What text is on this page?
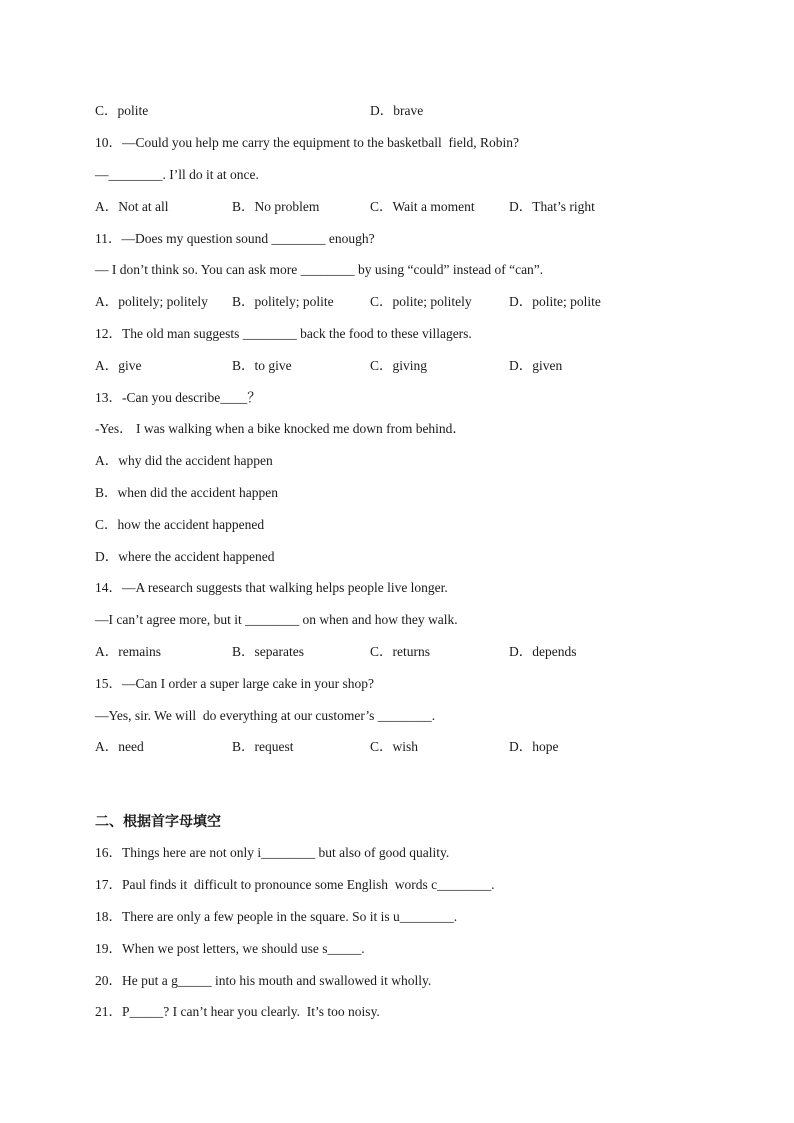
C．polite	D．brave
10．—Could you help me carry the equipment to the basketball  field, Robin?
—________. I’ll do it at once.
A．Not at all	B．No problem	C．Wait a moment	D．That’s right
11．—Does my question sound ________ enough?
— I don’t think so. You can ask more ________ by using “could” instead of “can”.
A．politely; politely B．politely; polite	C．polite; politely	D．polite; polite
12．The old man suggests ________ back the food to these villagers.
A．give	B．to give	C．giving	D．given
13．-Can you describe____？
-Yes． I was walking when a bike knocked me down from behind．
A．why did the accident happen
B．when did the accident happen
C．how the accident happened
D．where the accident happened
14．—A research suggests that walking helps people live longer.
—I can’t agree more, but it ________ on when and how they walk.
A．remains	B．separates	C．returns	D．depends
15．—Can I order a super large cake in your shop?
—Yes, sir. We will  do everything at our customer’s ________.
A．need	B．request	C．wish	D．hope
二、根据首字母填空
16．Things here are not only i________ but also of good quality.
17．Paul finds it  difficult to pronounce some English  words c________.
18．There are only a few people in the square. So it is u________.
19．When we post letters, we should use s_____.
20．He put a g_____ into his mouth and swallowed it wholly.
21．P_____? I can’t hear you clearly.  It’s too noisy.
